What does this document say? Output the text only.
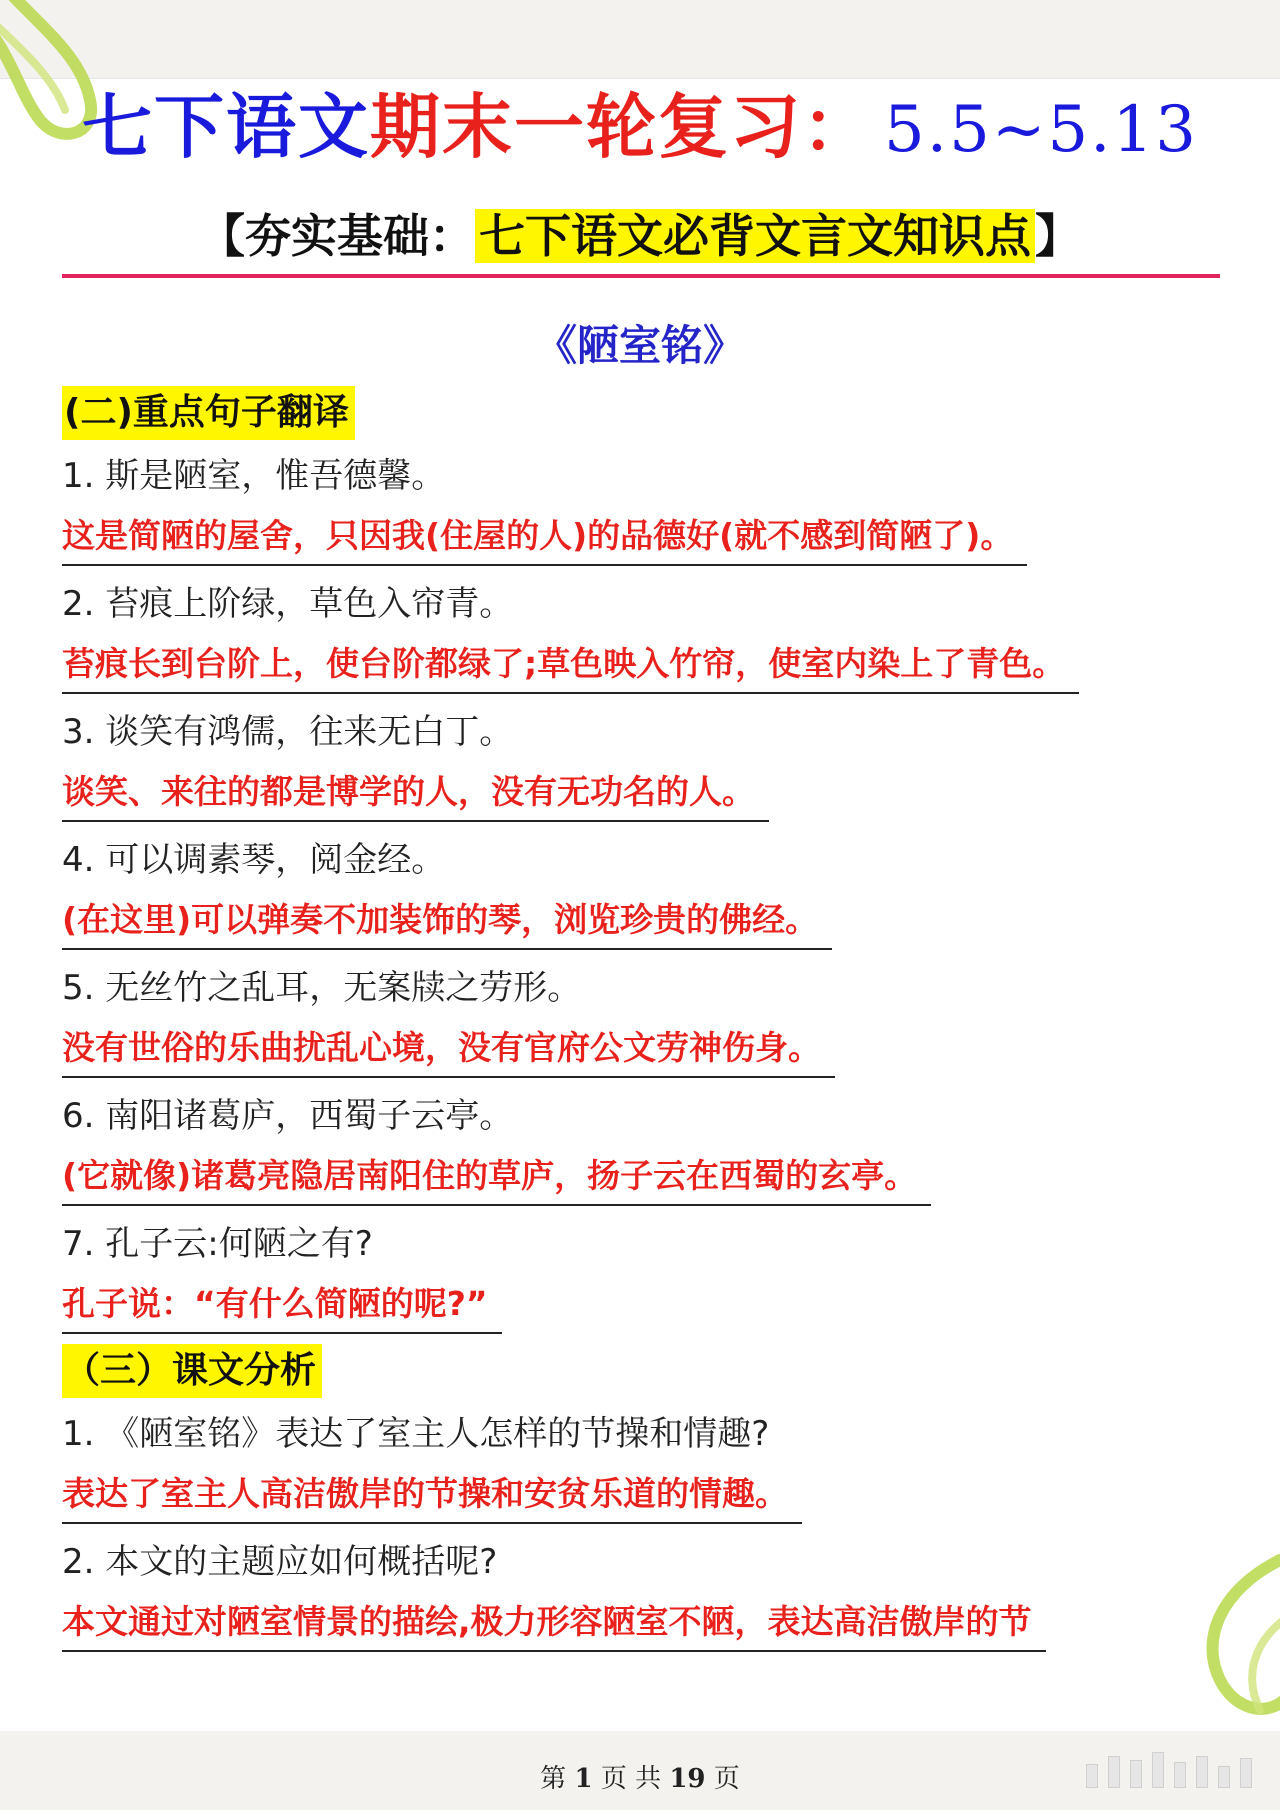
七下语文期末一轮复习： 5.5~5.13
【夯实基础：七下语文必背文言文知识点】
《陋室铭》
(二)重点句子翻译
1. 斯是陋室，惟吾德馨。
这是简陋的屋舍，只因我(住屋的人)的品德好(就不感到简陋了)。
2. 苔痕上阶绿，草色入帘青。
苔痕长到台阶上，使台阶都绿了;草色映入竹帘，使室内染上了青色。
3. 谈笑有鸿儒，往来无白丁。
谈笑、来往的都是博学的人，没有无功名的人。
4. 可以调素琴，阅金经。
(在这里)可以弹奏不加装饰的琴，浏览珍贵的佛经。
5. 无丝竹之乱耳，无案牍之劳形。
没有世俗的乐曲扰乱心境，没有官府公文劳神伤身。
6. 南阳诸葛庐，西蜀子云亭。
(它就像)诸葛亮隐居南阳住的草庐，扬子云在西蜀的玄亭。
7. 孔子云:何陋之有?
孔子说：“有什么简陋的呢?”
（三）课文分析
1. 《陋室铭》表达了室主人怎样的节操和情趣?
表达了室主人高洁傲岸的节操和安贫乐道的情趣。
2. 本文的主题应如何概括呢?
本文通过对陋室情景的描绘,极力形容陋室不陋，表达高洁傲岸的节
第 1 页 共 19 页
